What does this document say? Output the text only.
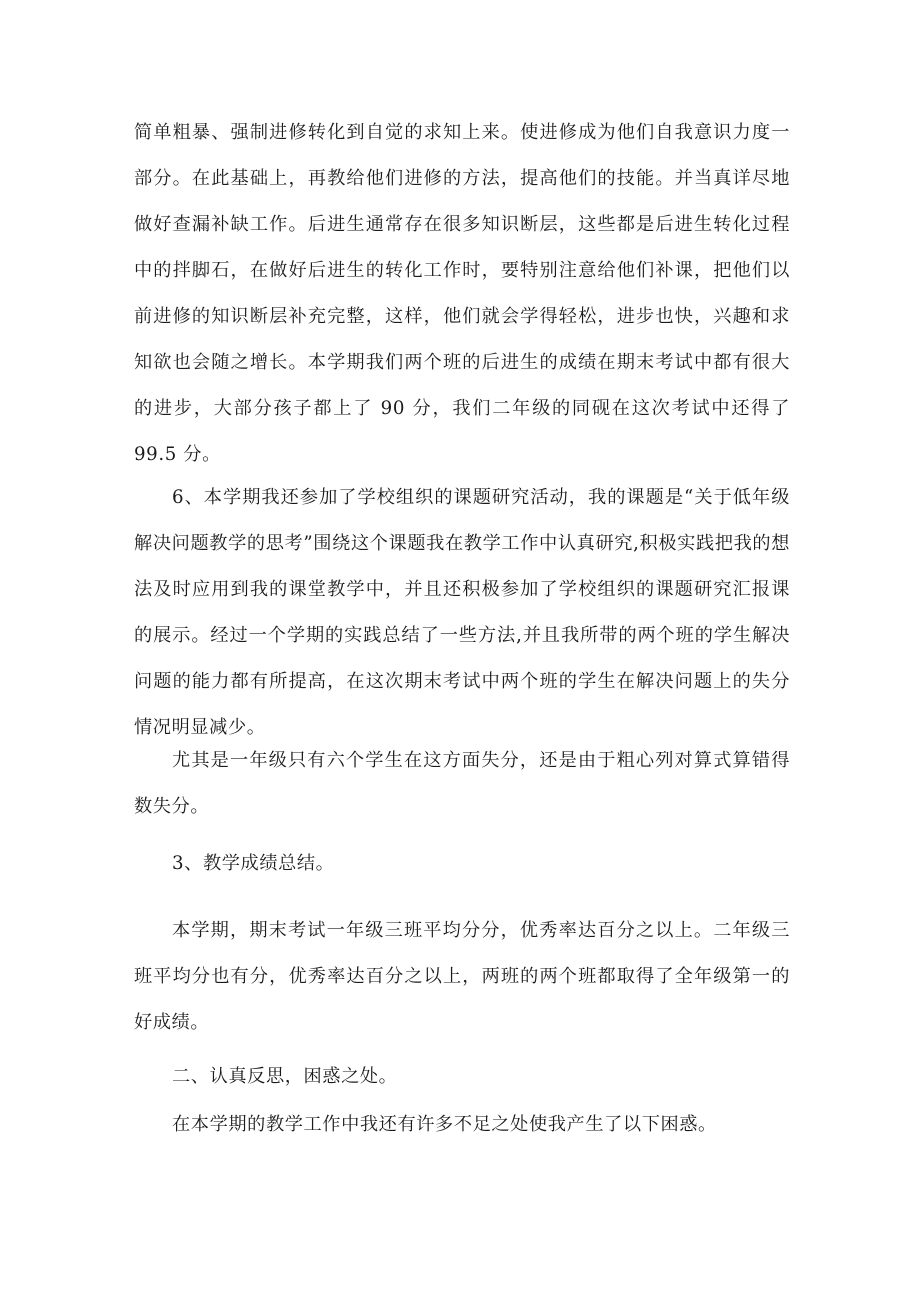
简单粗暴、强制进修转化到自觉的求知上来。使进修成为他们自我意识力度一部分。在此基础上，再教给他们进修的方法，提高他们的技能。并当真详尽地做好查漏补缺工作。后进生通常存在很多知识断层，这些都是后进生转化过程中的拌脚石，在做好后进生的转化工作时，要特别注意给他们补课，把他们以前进修的知识断层补充完整，这样，他们就会学得轻松，进步也快，兴趣和求知欲也会随之增长。本学期我们两个班的后进生的成绩在期末考试中都有很大的进步，大部分孩子都上了 90 分，我们二年级的同砚在这次考试中还得了 99.5 分。

6、本学期我还参加了学校组织的课题研究活动，我的课题是“关于低年级解决问题教学的思考”围绕这个课题我在教学工作中认真研究,积极实践把我的想法及时应用到我的课堂教学中，并且还积极参加了学校组织的课题研究汇报课的展示。经过一个学期的实践总结了一些方法,并且我所带的两个班的学生解决问题的能力都有所提高，在这次期末考试中两个班的学生在解决问题上的失分情况明显减少。

尤其是一年级只有六个学生在这方面失分，还是由于粗心列对算式算错得数失分。

3、教学成绩总结。

本学期，期末考试一年级三班平均分分，优秀率达百分之以上。二年级三班平均分也有分，优秀率达百分之以上，两班的两个班都取得了全年级第一的好成绩。

二、认真反思，困惑之处。

在本学期的教学工作中我还有许多不足之处使我产生了以下困惑。
